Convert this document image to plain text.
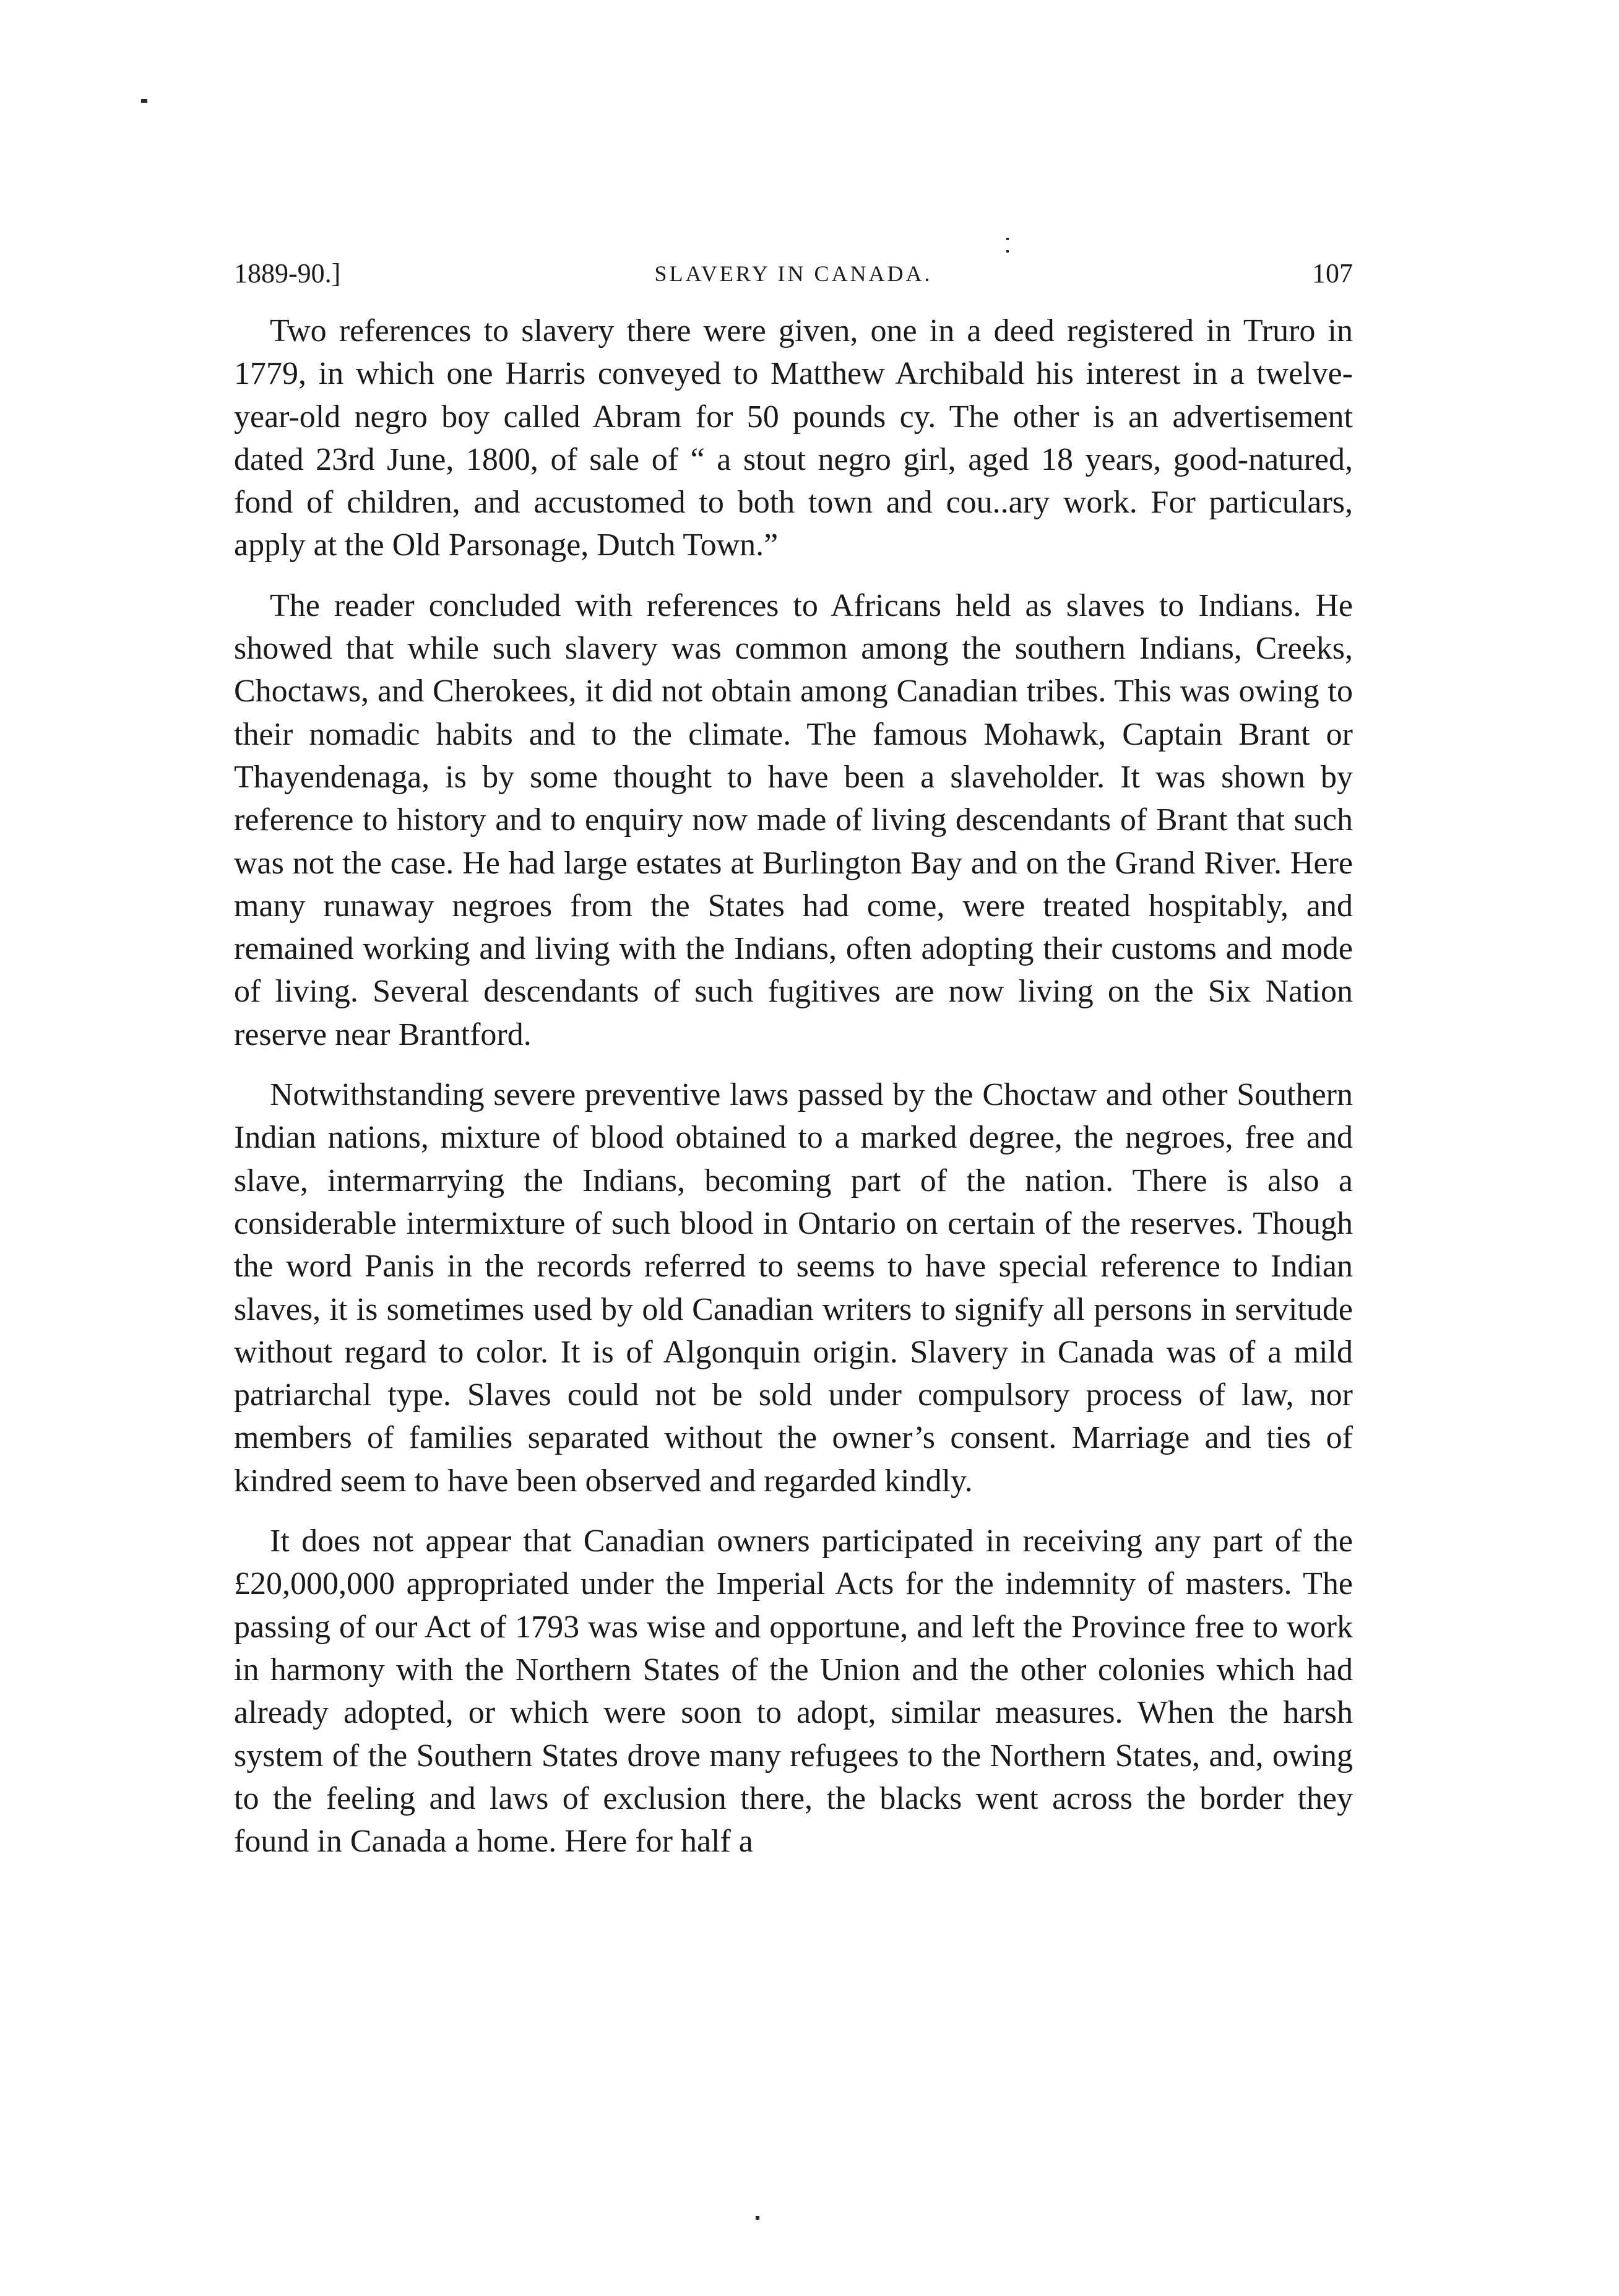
1889-90.]	SLAVERY IN CANADA.	107

Two references to slavery there were given, one in a deed registered in Truro in 1779, in which one Harris conveyed to Matthew Archibald his interest in a twelve-year-old negro boy called Abram for 50 pounds cy. The other is an advertisement dated 23rd June, 1800, of sale of “ a stout negro girl, aged 18 years, good-natured, fond of children, and accustomed to both town and cou..ary work. For particulars, apply at the Old Parsonage, Dutch Town.”

The reader concluded with references to Africans held as slaves to Indians. He showed that while such slavery was common among the southern Indians, Creeks, Choctaws, and Cherokees, it did not obtain among Canadian tribes. This was owing to their nomadic habits and to the climate. The famous Mohawk, Captain Brant or Thayendenaga, is by some thought to have been a slaveholder. It was shown by reference to history and to enquiry now made of living descendants of Brant that such was not the case. He had large estates at Burlington Bay and on the Grand River. Here many runaway negroes from the States had come, were treated hospitably, and remained working and living with the Indians, often adopting their customs and mode of living. Several descendants of such fugitives are now living on the Six Nation reserve near Brantford.

Notwithstanding severe preventive laws passed by the Choctaw and other Southern Indian nations, mixture of blood obtained to a marked degree, the negroes, free and slave, intermarrying the Indians, becoming part of the nation. There is also a considerable intermixture of such blood in Ontario on certain of the reserves. Though the word Panis in the records referred to seems to have special reference to Indian slaves, it is sometimes used by old Canadian writers to signify all persons in servitude without regard to color. It is of Algonquin origin. Slavery in Canada was of a mild patriarchal type. Slaves could not be sold under compulsory process of law, nor members of families separated without the owner’s consent. Marriage and ties of kindred seem to have been observed and regarded kindly.

It does not appear that Canadian owners participated in receiving any part of the £20,000,000 appropriated under the Imperial Acts for the indemnity of masters. The passing of our Act of 1793 was wise and opportune, and left the Province free to work in harmony with the Northern States of the Union and the other colonies which had already adopted, or which were soon to adopt, similar measures. When the harsh system of the Southern States drove many refugees to the Northern States, and, owing to the feeling and laws of exclusion there, the blacks went across the border they found in Canada a home. Here for half a
